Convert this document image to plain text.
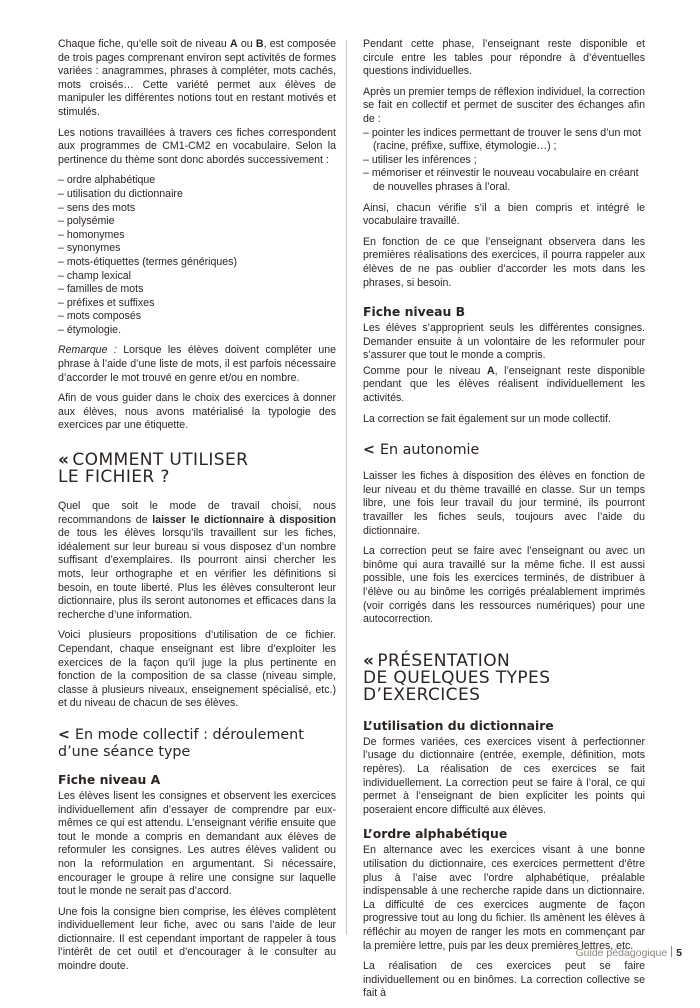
Chaque fiche, qu’elle soit de niveau A ou B, est composée de trois pages comprenant environ sept activités de formes variées : anagrammes, phrases à compléter, mots cachés, mots croisés… Cette variété permet aux élèves de manipuler les différentes notions tout en restant motivés et stimulés.

Les notions travaillées à travers ces fiches correspondent aux programmes de CM1-CM2 en vocabulaire. Selon la pertinence du thème sont donc abordés successivement :

– ordre alphabétique
– utilisation du dictionnaire
– sens des mots
– polysémie
– homonymes
– synonymes
– mots-étiquettes (termes génériques)
– champ lexical
– familles de mots
– préfixes et suffixes
– mots composés
– étymologie.

Remarque : Lorsque les élèves doivent compléter une phrase à l’aide d’une liste de mots, il est parfois nécessaire d’accorder le mot trouvé en genre et/ou en nombre.

Afin de vous guider dans le choix des exercices à donner aux élèves, nous avons matérialisé la typologie des exercices par une étiquette.

« COMMENT UTILISER
LE FICHIER ?

Quel que soit le mode de travail choisi, nous recommandons de laisser le dictionnaire à disposition de tous les élèves lorsqu’ils travaillent sur les fiches, idéalement sur leur bureau si vous disposez d’un nombre suffisant d’exemplaires. Ils pourront ainsi chercher les mots, leur orthographe et en vérifier les définitions si besoin, en toute liberté. Plus les élèves consulteront leur dictionnaire, plus ils seront autonomes et efficaces dans la recherche d’une information.

Voici plusieurs propositions d’utilisation de ce fichier. Cependant, chaque enseignant est libre d’exploiter les exercices de la façon qu’il juge la plus pertinente en fonction de la composition de sa classe (niveau simple, classe à plusieurs niveaux, enseignement spécialisé, etc.) et du niveau de chacun de ses élèves.

< En mode collectif : déroulement d’une séance type
Fiche niveau A

Les élèves lisent les consignes et observent les exercices individuellement afin d’essayer de comprendre par eux-mêmes ce qui est attendu. L’enseignant vérifie ensuite que tout le monde a compris en demandant aux élèves de reformuler les consignes. Les autres élèves valident ou non la reformulation en argumentant. Si nécessaire, encourager le groupe à relire une consigne sur laquelle tout le monde ne serait pas d’accord.

Une fois la consigne bien comprise, les élèves complètent individuellement leur fiche, avec ou sans l’aide de leur dictionnaire. Il est cependant important de rappeler à tous l’intérêt de cet outil et d’encourager à le consulter au moindre doute.

Pendant cette phase, l’enseignant reste disponible et circule entre les tables pour répondre à d’éventuelles questions individuelles.

Après un premier temps de réflexion individuel, la correction se fait en collectif et permet de susciter des échanges afin de :

– pointer les indices permettant de trouver le sens d’un mot (racine, préfixe, suffixe, étymologie…) ;
– utiliser les inférences ;
– mémoriser et réinvestir le nouveau vocabulaire en créant de nouvelles phrases à l’oral.

Ainsi, chacun vérifie s’il a bien compris et intégré le vocabulaire travaillé.

En fonction de ce que l’enseignant observera dans les premières réalisations des exercices, il pourra rappeler aux élèves de ne pas oublier d’accorder les mots dans les phrases, si besoin.

Fiche niveau B

Les élèves s’approprient seuls les différentes consignes. Demander ensuite à un volontaire de les reformuler pour s’assurer que tout le monde a compris.

Comme pour le niveau A, l’enseignant reste disponible pendant que les élèves réalisent individuellement les activités.

La correction se fait également sur un mode collectif.

< En autonomie

Laisser les fiches à disposition des élèves en fonction de leur niveau et du thème travaillé en classe. Sur un temps libre, une fois leur travail du jour terminé, ils pourront travailler les fiches seuls, toujours avec l’aide du dictionnaire.

La correction peut se faire avec l’enseignant ou avec un binôme qui aura travaillé sur la même fiche. Il est aussi possible, une fois les exercices terminés, de distribuer à l’élève ou au binôme les corrigés préalablement imprimés (voir corrigés dans les ressources numériques) pour une autocorrection.

« PRÉSENTATION
DE QUELQUES TYPES
D’EXERCICES
L’utilisation du dictionnaire

De formes variées, ces exercices visent à perfectionner l’usage du dictionnaire (entrée, exemple, définition, mots repères). La réalisation de ces exercices se fait individuellement. La correction peut se faire à l’oral, ce qui permet à l’enseignant de bien expliciter les points qui poseraient encore difficulté aux élèves.

L’ordre alphabétique

En alternance avec les exercices visant à une bonne utilisation du dictionnaire, ces exercices permettent d’être plus à l’aise avec l’ordre alphabétique, préalable indispensable à une recherche rapide dans un dictionnaire. La difficulté de ces exercices augmente de façon progressive tout au long du fichier. Ils amènent les élèves à réfléchir au moyen de ranger les mots en commençant par la première lettre, puis par les deux premières lettres, etc.

La réalisation de ces exercices peut se faire individuellement ou en binômes. La correction collective se fait à

Guide pédagogique 5
